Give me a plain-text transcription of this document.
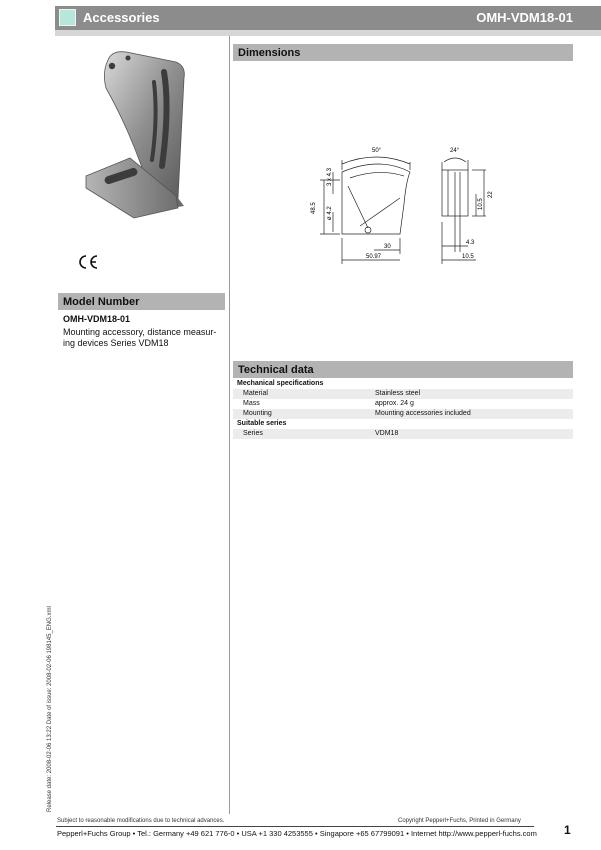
Accessories	OMH-VDM18-01
Model Number
OMH-VDM18-01
Mounting accessory, distance measur-ing devices Series VDM18
Dimensions
50°	24°
3 x 4.3
48.5 ø 4.2
30
50.97
22
10.5
4.3
10.5
Technical data
Mechanical specifications	
Material	Stainless steel
Mass	approx. 24 g
Mounting	Mounting accessories included
Suitable series	
Series	VDM18
Release date: 2008-02-06 13:22 Date of issue: 2008-02-06 198145_ENG.xml
Subject to reasonable modifications due to technical advances.	Copyright Pepperl+Fuchs, Printed in Germany
Pepperl+Fuchs Group • Tel.: Germany +49 621 776-0 • USA +1 330 4253555 • Singapore +65 67799091 • Internet http://www.pepperl-fuchs.com 1
